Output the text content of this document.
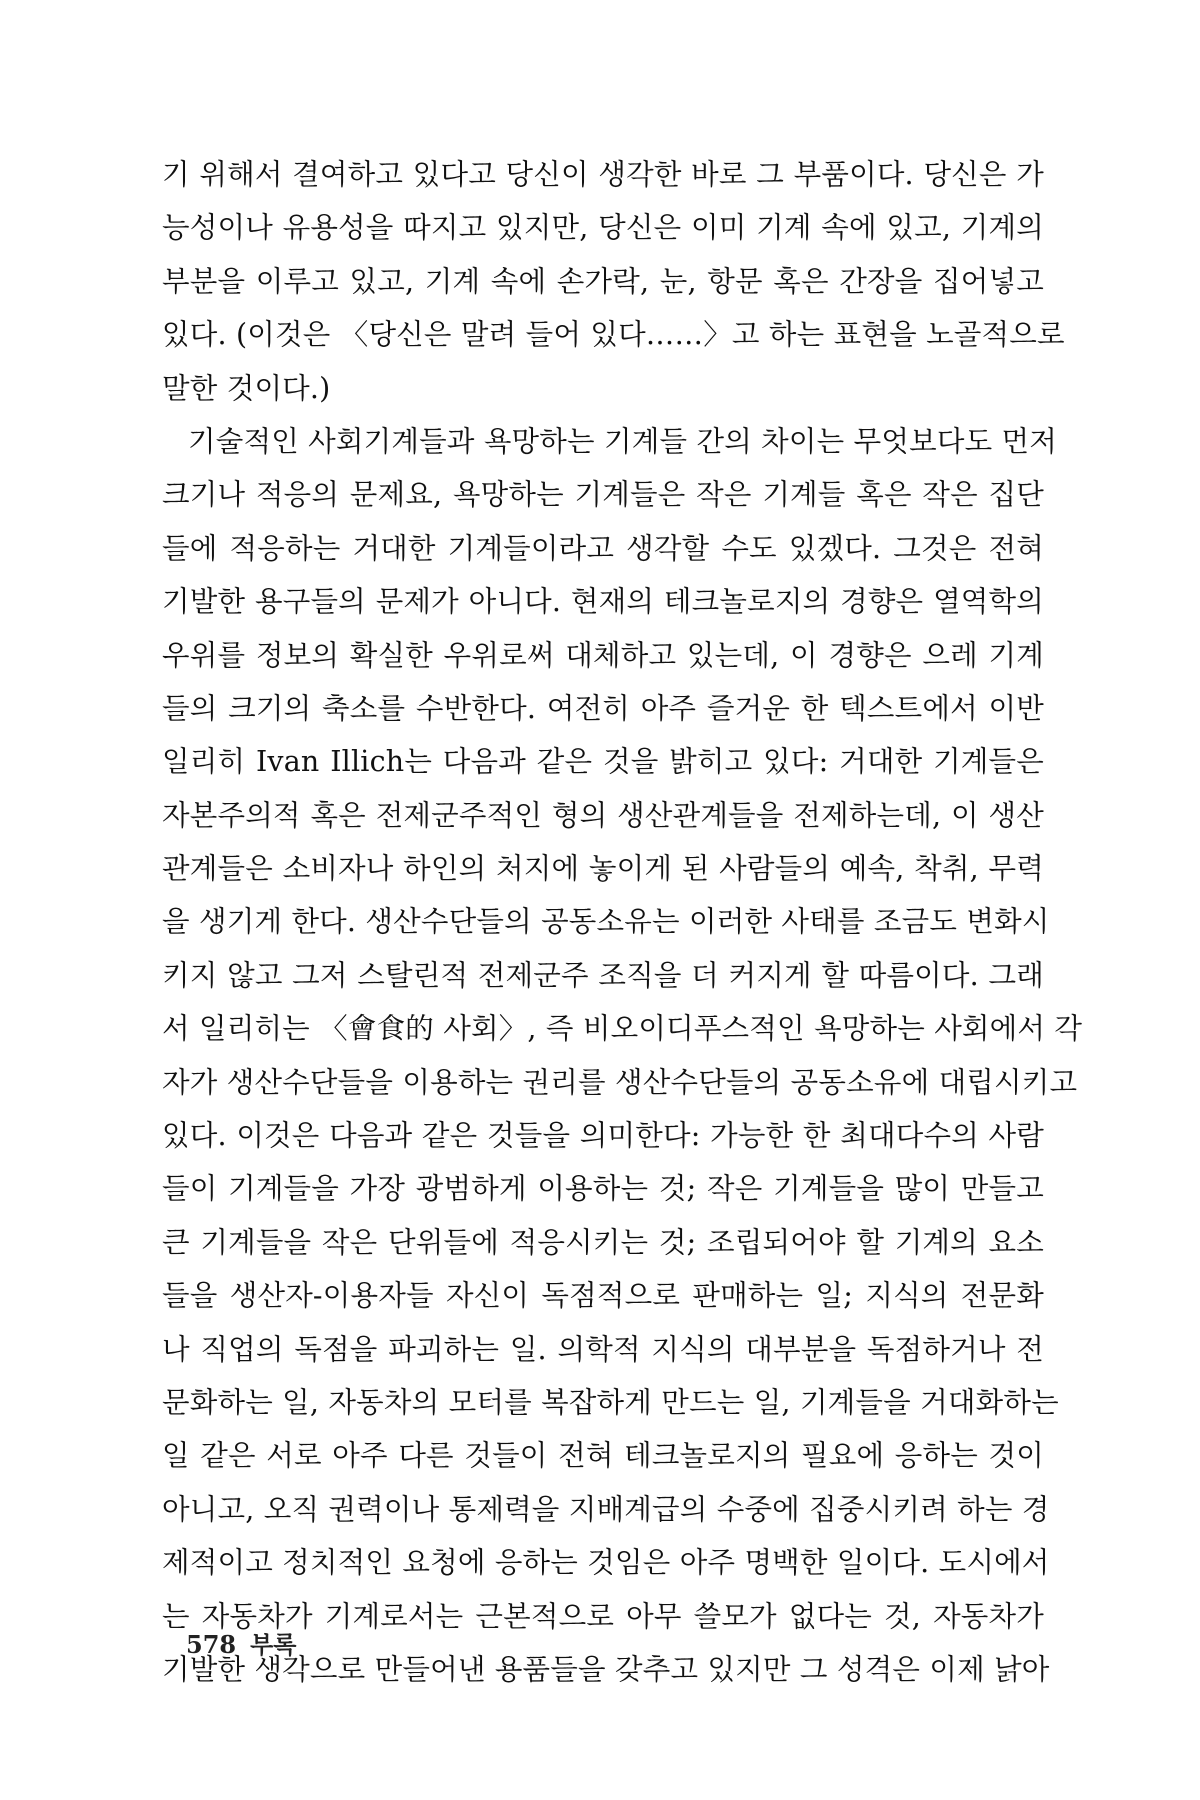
기 위해서 결여하고 있다고 당신이 생각한 바로 그 부품이다. 당신은 가
능성이나 유용성을 따지고 있지만, 당신은 이미 기계 속에 있고, 기계의
부분을 이루고 있고, 기계 속에 손가락, 눈, 항문 혹은 간장을 집어넣고
있다. (이것은 〈당신은 말려 들어 있다……〉고 하는 표현을 노골적으로
말한 것이다.)
기술적인 사회기계들과 욕망하는 기계들 간의 차이는 무엇보다도 먼저
크기나 적응의 문제요, 욕망하는 기계들은 작은 기계들 혹은 작은 집단
들에 적응하는 거대한 기계들이라고 생각할 수도 있겠다. 그것은 전혀
기발한 용구들의 문제가 아니다. 현재의 테크놀로지의 경향은 열역학의
우위를 정보의 확실한 우위로써 대체하고 있는데, 이 경향은 으레 기계
들의 크기의 축소를 수반한다. 여전히 아주 즐거운 한 텍스트에서 이반
일리히 Ivan Illich는 다음과 같은 것을 밝히고 있다: 거대한 기계들은
자본주의적 혹은 전제군주적인 형의 생산관계들을 전제하는데, 이 생산
관계들은 소비자나 하인의 처지에 놓이게 된 사람들의 예속, 착취, 무력
을 생기게 한다. 생산수단들의 공동소유는 이러한 사태를 조금도 변화시
키지 않고 그저 스탈린적 전제군주 조직을 더 커지게 할 따름이다. 그래
서 일리히는 〈會食的 사회〉, 즉 비오이디푸스적인 욕망하는 사회에서 각
자가 생산수단들을 이용하는 권리를 생산수단들의 공동소유에 대립시키고
있다. 이것은 다음과 같은 것들을 의미한다: 가능한 한 최대다수의 사람
들이 기계들을 가장 광범하게 이용하는 것; 작은 기계들을 많이 만들고
큰 기계들을 작은 단위들에 적응시키는 것; 조립되어야 할 기계의 요소
들을 생산자-이용자들 자신이 독점적으로 판매하는 일; 지식의 전문화
나 직업의 독점을 파괴하는 일. 의학적 지식의 대부분을 독점하거나 전
문화하는 일, 자동차의 모터를 복잡하게 만드는 일, 기계들을 거대화하는
일 같은 서로 아주 다른 것들이 전혀 테크놀로지의 필요에 응하는 것이
아니고, 오직 권력이나 통제력을 지배계급의 수중에 집중시키려 하는 경
제적이고 정치적인 요청에 응하는 것임은 아주 명백한 일이다. 도시에서
는 자동차가 기계로서는 근본적으로 아무 쓸모가 없다는 것, 자동차가
기발한 생각으로 만들어낸 용품들을 갖추고 있지만 그 성격은 이제 낡아
578 부록
